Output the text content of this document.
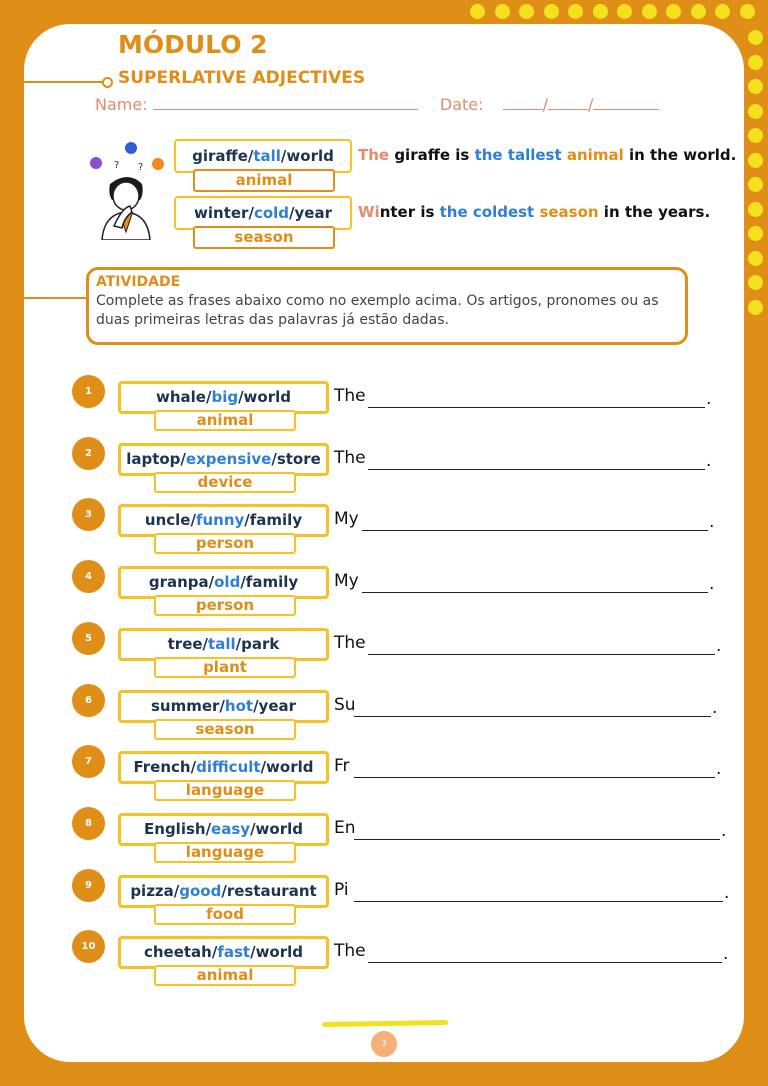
MÓDULO 2
SUPERLATIVE ADJECTIVES
Name:	Date:	/	/
? ?
giraffe/tall/world
animal
The giraffe is the tallest animal in the world.
winter/cold/year
season
Winter is the coldest season in the years.
ATIVIDADE
Complete as frases abaixo como no exemplo acima. Os artigos, pronomes ou as duas primeiras letras das palavras já estão dadas.
1	whale/big/world
animal
The	.
2	laptop/expensive/store
device
The	.
3	uncle/funny/family
person
My	.
4	granpa/old/family
person
My	.
5	tree/tall/park
plant
The	.
6	summer/hot/year
season
Su	.
7	French/difficult/world
language
Fr	.
8	English/easy/world
language
En	.
9	pizza/good/restaurant
food
Pi	.
10	cheetah/fast/world
animal
The	.
3
